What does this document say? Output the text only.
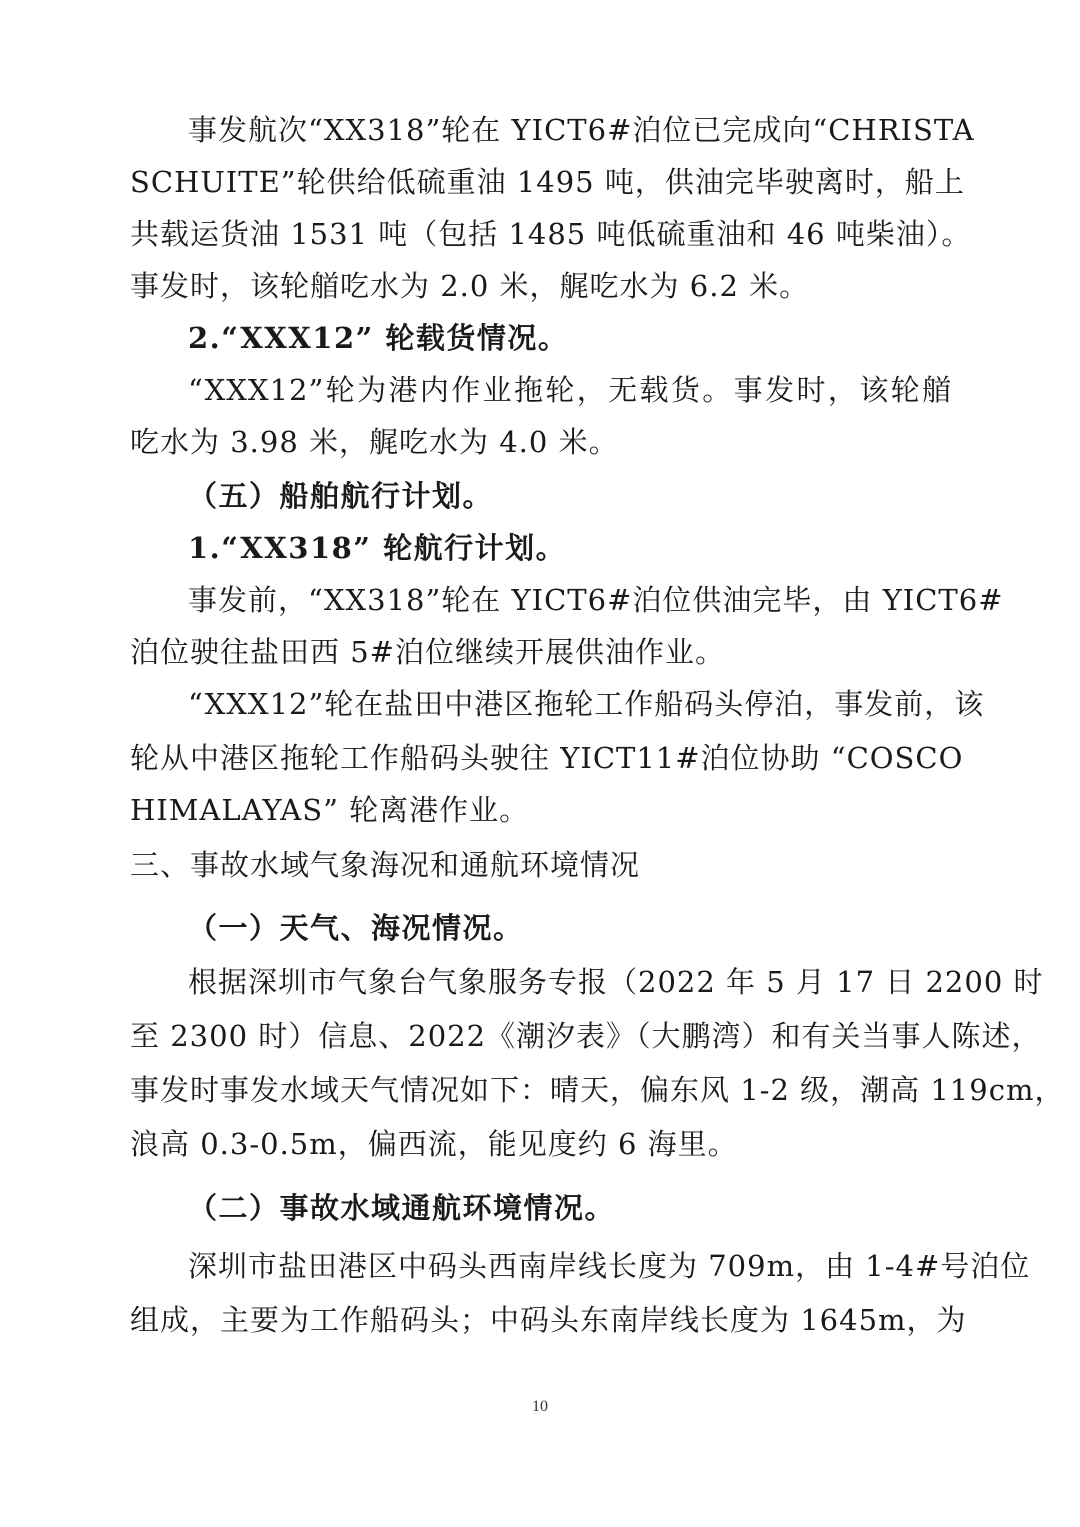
事发航次“XX318”轮在 YICT6#泊位已完成向“CHRISTA
SCHUITE”轮供给低硫重油 1495 吨，供油完毕驶离时，船上
共载运货油 1531 吨（包括 1485 吨低硫重油和 46 吨柴油）。
事发时，该轮艏吃水为 2.0 米，艉吃水为 6.2 米。
2.“XXX12” 轮载货情况。
“XXX12”轮为港内作业拖轮，无载货。事发时，该轮艏
吃水为 3.98 米，艉吃水为 4.0 米。
（五）船舶航行计划。
1.“XX318” 轮航行计划。
事发前，“XX318”轮在 YICT6#泊位供油完毕，由 YICT6#
泊位驶往盐田西 5#泊位继续开展供油作业。
“XXX12”轮在盐田中港区拖轮工作船码头停泊，事发前，该
轮从中港区拖轮工作船码头驶往 YICT11#泊位协助 “COSCO
HIMALAYAS” 轮离港作业。
三、事故水域气象海况和通航环境情况
（一）天气、海况情况。
根据深圳市气象台气象服务专报（2022 年 5 月 17 日 2200 时
至 2300 时）信息、2022《潮汐表》（大鹏湾）和有关当事人陈述，
事发时事发水域天气情况如下：晴天，偏东风 1-2 级，潮高 119cm，
浪高 0.3-0.5m，偏西流，能见度约 6 海里。
（二）事故水域通航环境情况。
深圳市盐田港区中码头西南岸线长度为 709m，由 1-4#号泊位
组成，主要为工作船码头；中码头东南岸线长度为 1645m，为
10
